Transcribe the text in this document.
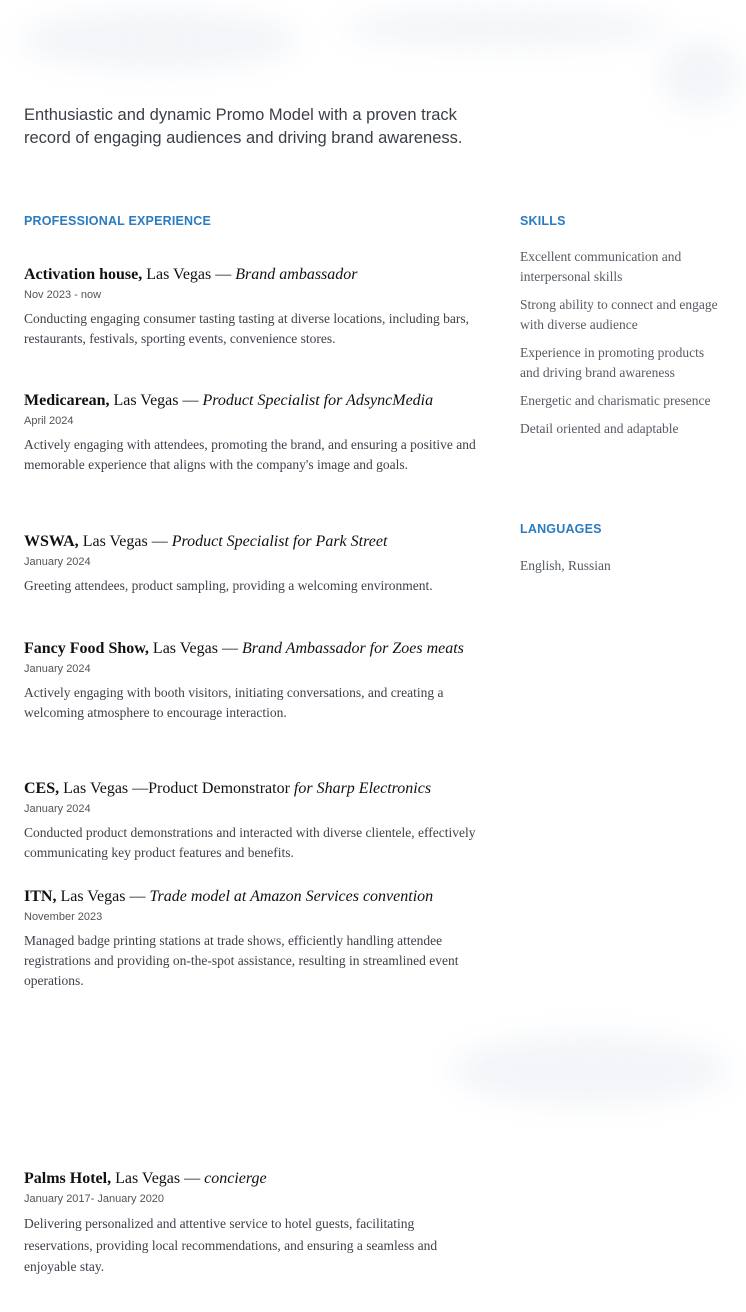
Enthusiastic and dynamic Promo Model with a proven track record of engaging audiences and driving brand awareness.
PROFESSIONAL EXPERIENCE	SKILLS
LANGUAGES
Activation house, Las Vegas — Brand ambassador
Nov 2023 - now
Conducting engaging consumer tasting tasting at diverse locations, including bars, restaurants, festivals, sporting events, convenience stores.
Medicarean, Las Vegas — Product Specialist for AdsyncMedia
April 2024
Actively engaging with attendees, promoting the brand, and ensuring a positive and memorable experience that aligns with the company's image and goals.
WSWA, Las Vegas — Product Specialist for Park Street
January 2024
Greeting attendees, product sampling, providing a welcoming environment.
Fancy Food Show, Las Vegas — Brand Ambassador for Zoes meats
January 2024
Actively engaging with booth visitors, initiating conversations, and creating a welcoming atmosphere to encourage interaction.
CES, Las Vegas —Product Demonstrator for Sharp Electronics
January 2024
Conducted product demonstrations and interacted with diverse clientele, effectively communicating key product features and benefits.
ITN, Las Vegas — Trade model at Amazon Services convention
November 2023
Managed badge printing stations at trade shows, efficiently handling attendee registrations and providing on-the-spot assistance, resulting in streamlined event operations.
Palms Hotel, Las Vegas — concierge
January 2017- January 2020
Delivering personalized and attentive service to hotel guests, facilitating reservations, providing local recommendations, and ensuring a seamless and enjoyable stay.
Excellent communication and interpersonal skills
Strong ability to connect and engage with diverse audience
Experience in promoting products and driving brand awareness
Energetic and charismatic presence
Detail oriented and adaptable
English, Russian
